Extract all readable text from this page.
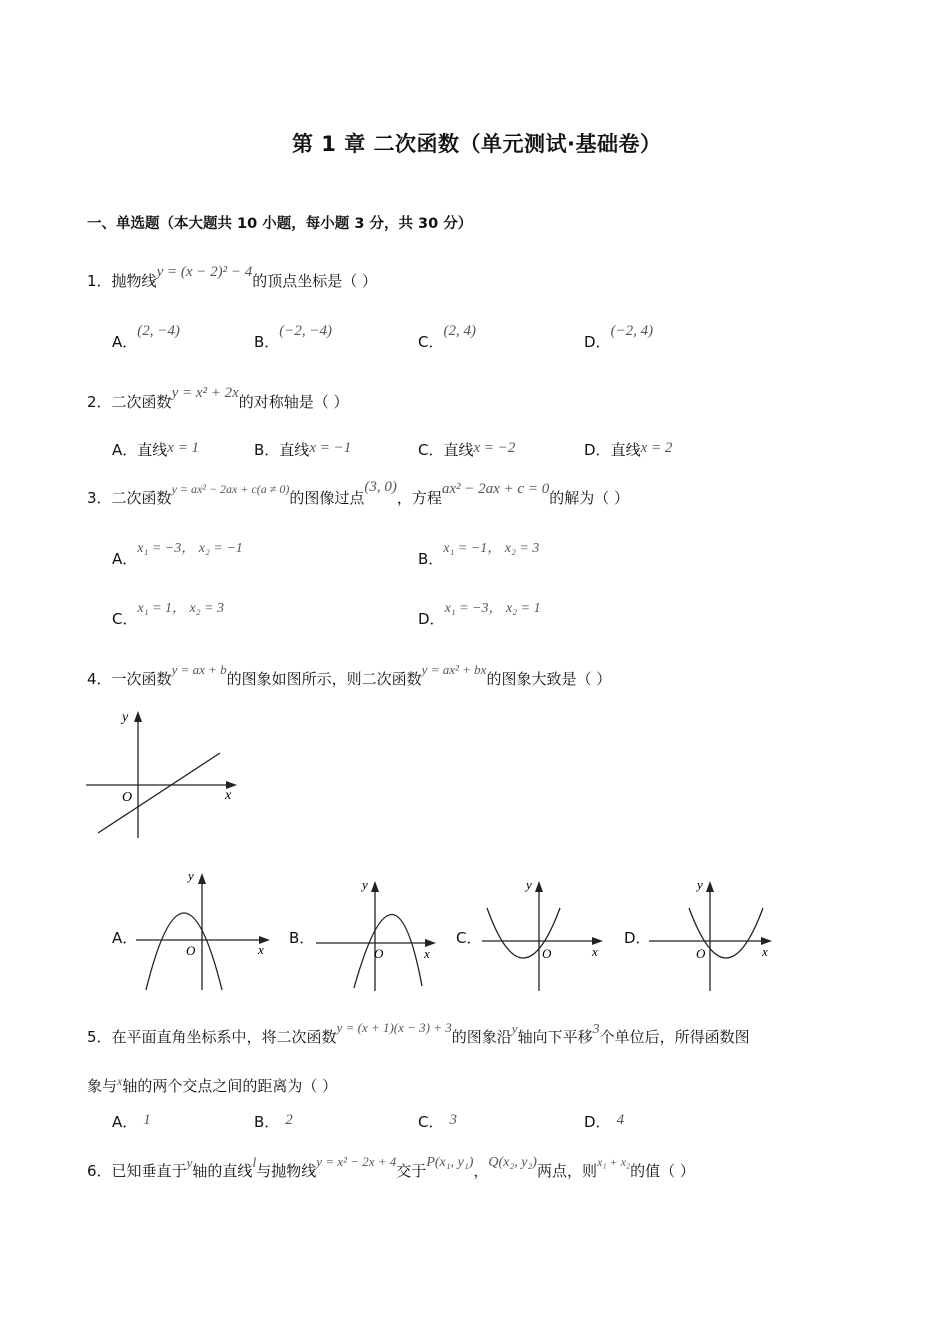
第 1 章 二次函数（单元测试·基础卷）
一、单选题（本大题共 10 小题，每小题 3 分，共 30 分）
1．抛物线y = (x − 2)² − 4的顶点坐标是（ ）
A．(2, −4)
B．(−2, −4)
C．(2, 4)
D．(−2, 4)
2．二次函数y = x² + 2x的对称轴是（ ）
A．直线x = 1	B．直线x = −1	C．直线x = −2	D．直线x = 2
3．二次函数$^{y = ax^2 - 2ax + c(a \ne 0)}$的图像过点(3, 0)，方程ax² − 2ax + c = 0的解为（ ）
A．x₁ = −3， x₂ = −1
B．x₁ = −1， x₂ = 3
C．x₁ = 1， x₂ = 3
D．x₁ = −3， x₂ = 1
4．一次函数y = ax + b的图象如图所示，则二次函数y = ax² + bx的图象大致是（ ）
y
x
O
A．
y
x
O
B．
y
x
O
C．
y
x
O
D．
y
x
O
5．在平面直角坐标系中，将二次函数y = (x + 1)(x − 3) + 3的图象沿y轴向下平移3个单位后，所得函数图
象与$^x$轴的两个交点之间的距离为（ ）
A． 1	B． 2	C． 3	D． 4
6．已知垂直于y轴的直线l与抛物线y = x² − 2x + 4交于P(x₁, y₁)，Q(x₂, y₂)两点，则$^{x_1 + x_2}$的值（ ）
